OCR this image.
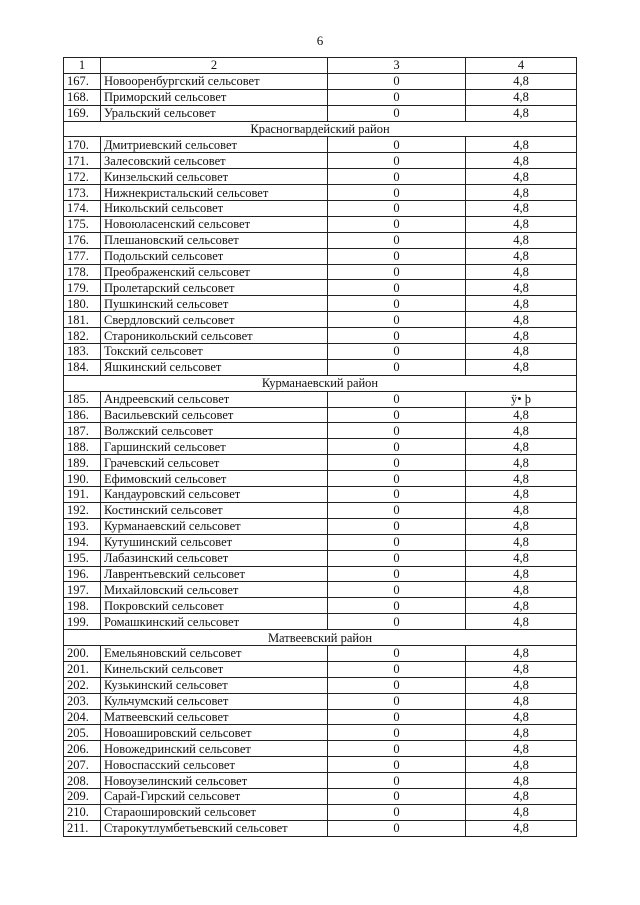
6
1	2	3	4
167.	Новооренбургский сельсовет	0	4,8
168.	Приморский сельсовет	0	4,8
169.	Уральский сельсовет	0	4,8
Красногвардейский район			
170.	Дмитриевский сельсовет	0	4,8
171.	Залесовский сельсовет	0	4,8
172.	Кинзельский сельсовет	0	4,8
173.	Нижнекристальский сельсовет	0	4,8
174.	Никольский сельсовет	0	4,8
175.	Новоюласенский сельсовет	0	4,8
176.	Плешановский сельсовет	0	4,8
177.	Подольский сельсовет	0	4,8
178.	Преображенский сельсовет	0	4,8
179.	Пролетарский сельсовет	0	4,8
180.	Пушкинский сельсовет	0	4,8
181.	Свердловский сельсовет	0	4,8
182.	Староникольский сельсовет	0	4,8
183.	Токский сельсовет	0	4,8
184.	Яшкинский сельсовет	0	4,8
Курманаевский район			
185.	Андреевский сельсовет	0	ÿ• þ
186.	Васильевский сельсовет	0	4,8
187.	Волжский сельсовет	0	4,8
188.	Гаршинский сельсовет	0	4,8
189.	Грачевский сельсовет	0	4,8
190.	Ефимовский сельсовет	0	4,8
191.	Кандауровский сельсовет	0	4,8
192.	Костинский сельсовет	0	4,8
193.	Курманаевский сельсовет	0	4,8
194.	Кутушинский сельсовет	0	4,8
195.	Лабазинский сельсовет	0	4,8
196.	Лаврентьевский сельсовет	0	4,8
197.	Михайловский сельсовет	0	4,8
198.	Покровский сельсовет	0	4,8
199.	Ромашкинский сельсовет	0	4,8
Матвеевский район			
200.	Емельяновский сельсовет	0	4,8
201.	Кинельский сельсовет	0	4,8
202.	Кузькинский сельсовет	0	4,8
203.	Кульчумский сельсовет	0	4,8
204.	Матвеевский сельсовет	0	4,8
205.	Новоашировский сельсовет	0	4,8
206.	Новожедринский сельсовет	0	4,8
207.	Новоспасский сельсовет	0	4,8
208.	Новоузелинский сельсовет	0	4,8
209.	Сарай-Гирский сельсовет	0	4,8
210.	Стараошировский сельсовет	0	4,8
211.	Старокутлумбетьевский сельсовет	0	4,8
